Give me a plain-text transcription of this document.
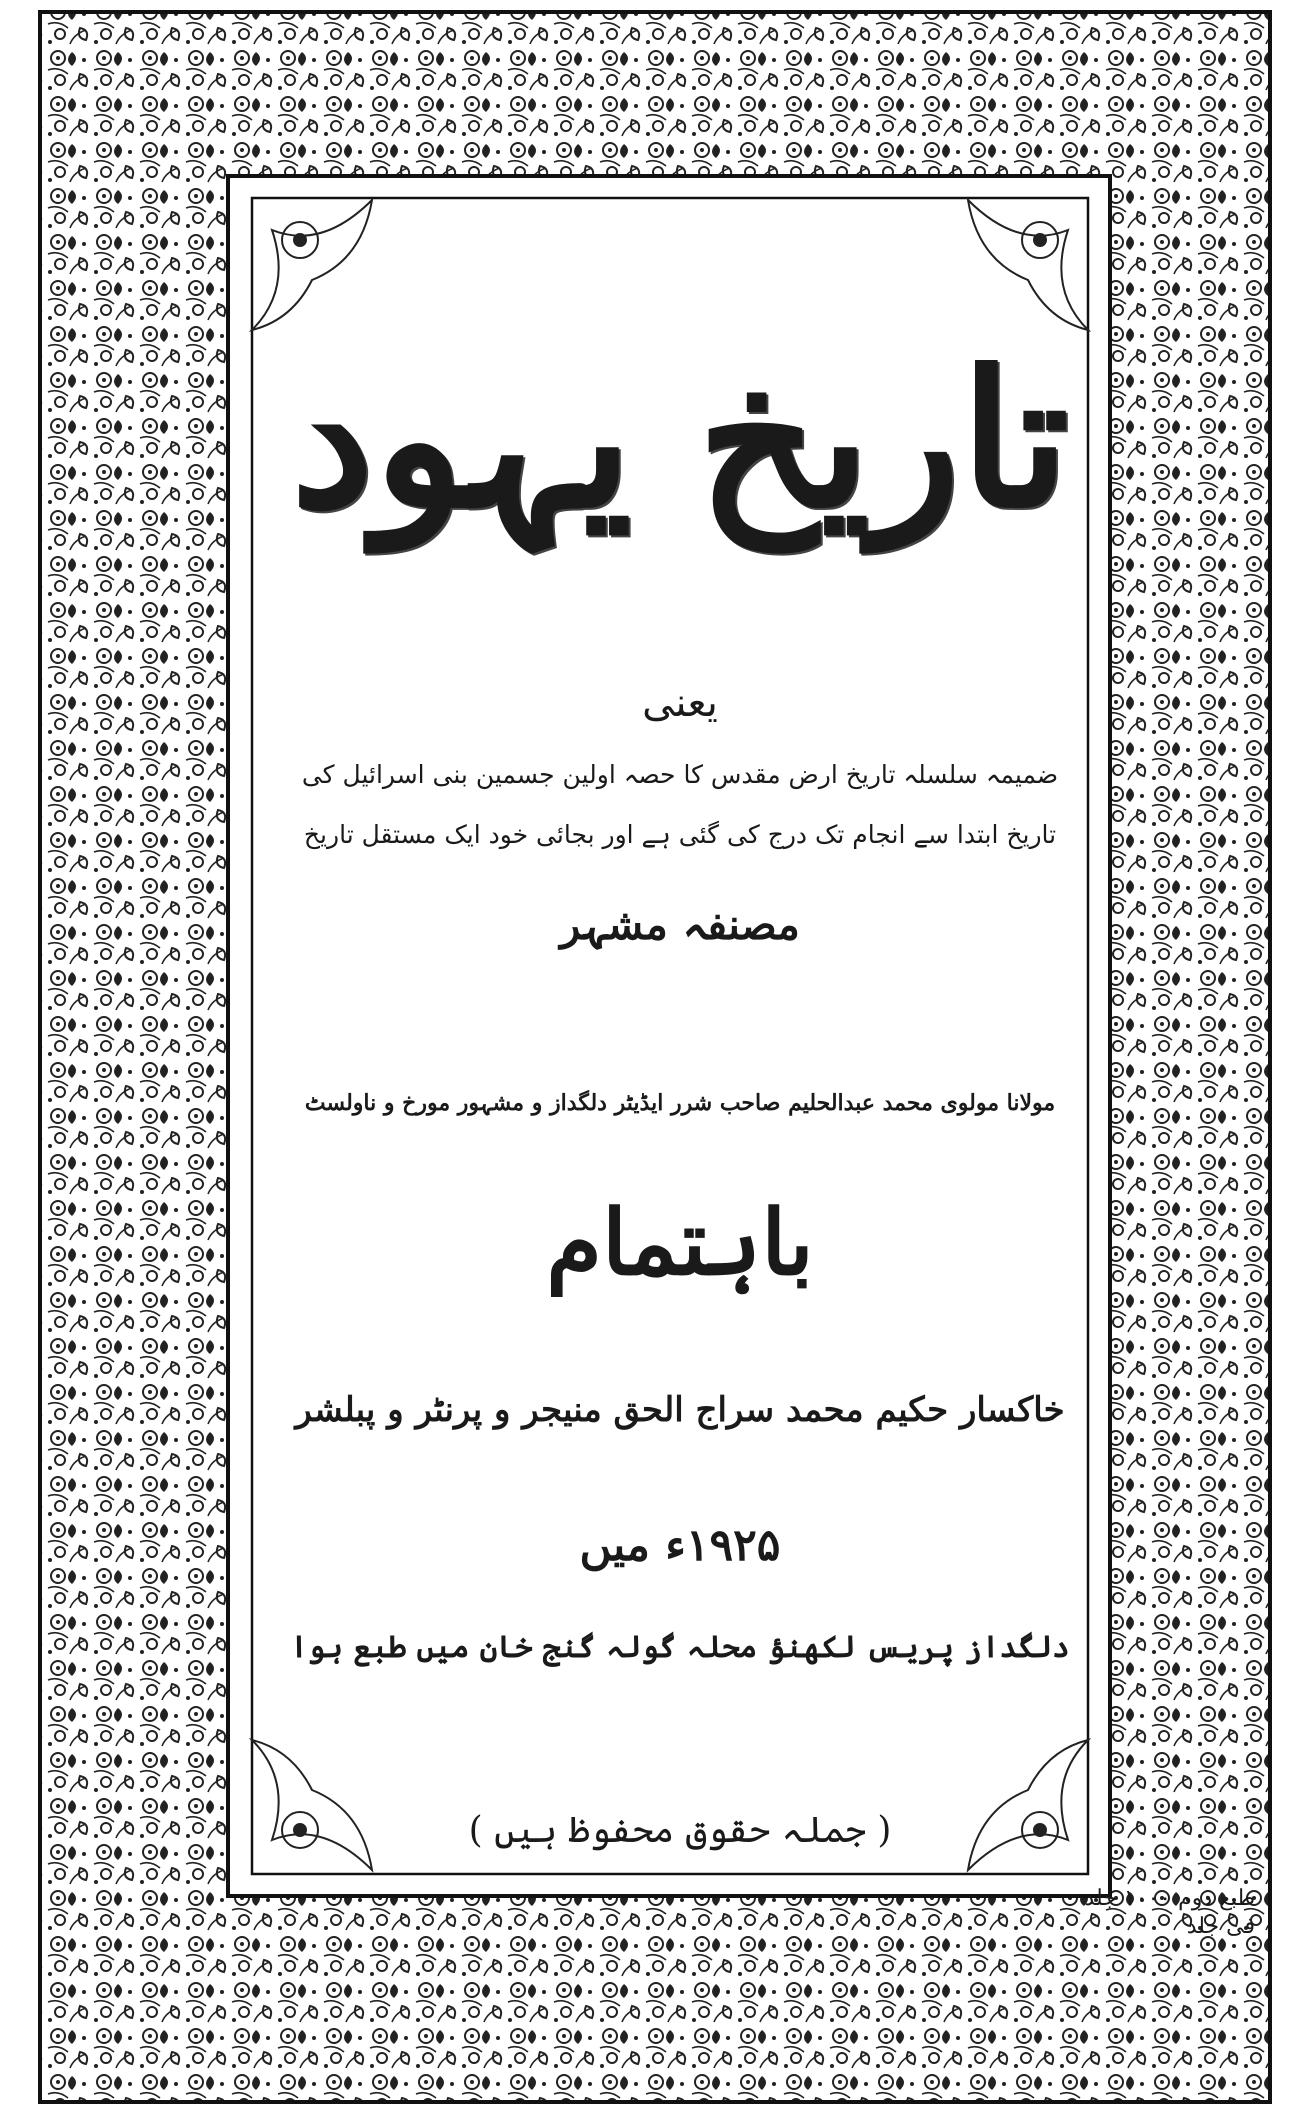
تاریخ یہود
یعنی
ضمیمہ سلسلہ تاریخ ارض مقدس کا حصہ اولین جسمین بنی اسرائیل کی
تاریخ ابتدا سے انجام تک درج کی گئی ہے اور بجائی خود ایک مستقل تاریخ
مصنفہ مشہر
مولانا مولوی محمد عبدالحلیم صاحب شرر ایڈیٹر دلگداز و مشہور مورخ و ناولسٹ
باہتمام
خاکسار حکیم محمد سراج الحق منیجر و پرنٹر و پبلشر
۱۹۲۵ء میں
دلگداز پریس لکھنؤ محلہ گولہ گنج خان میں طبع ہوا
( جملہ حقوق محفوظ ہیں )
طبع دوم ۱۰۰۰ جلد
فی جلد
